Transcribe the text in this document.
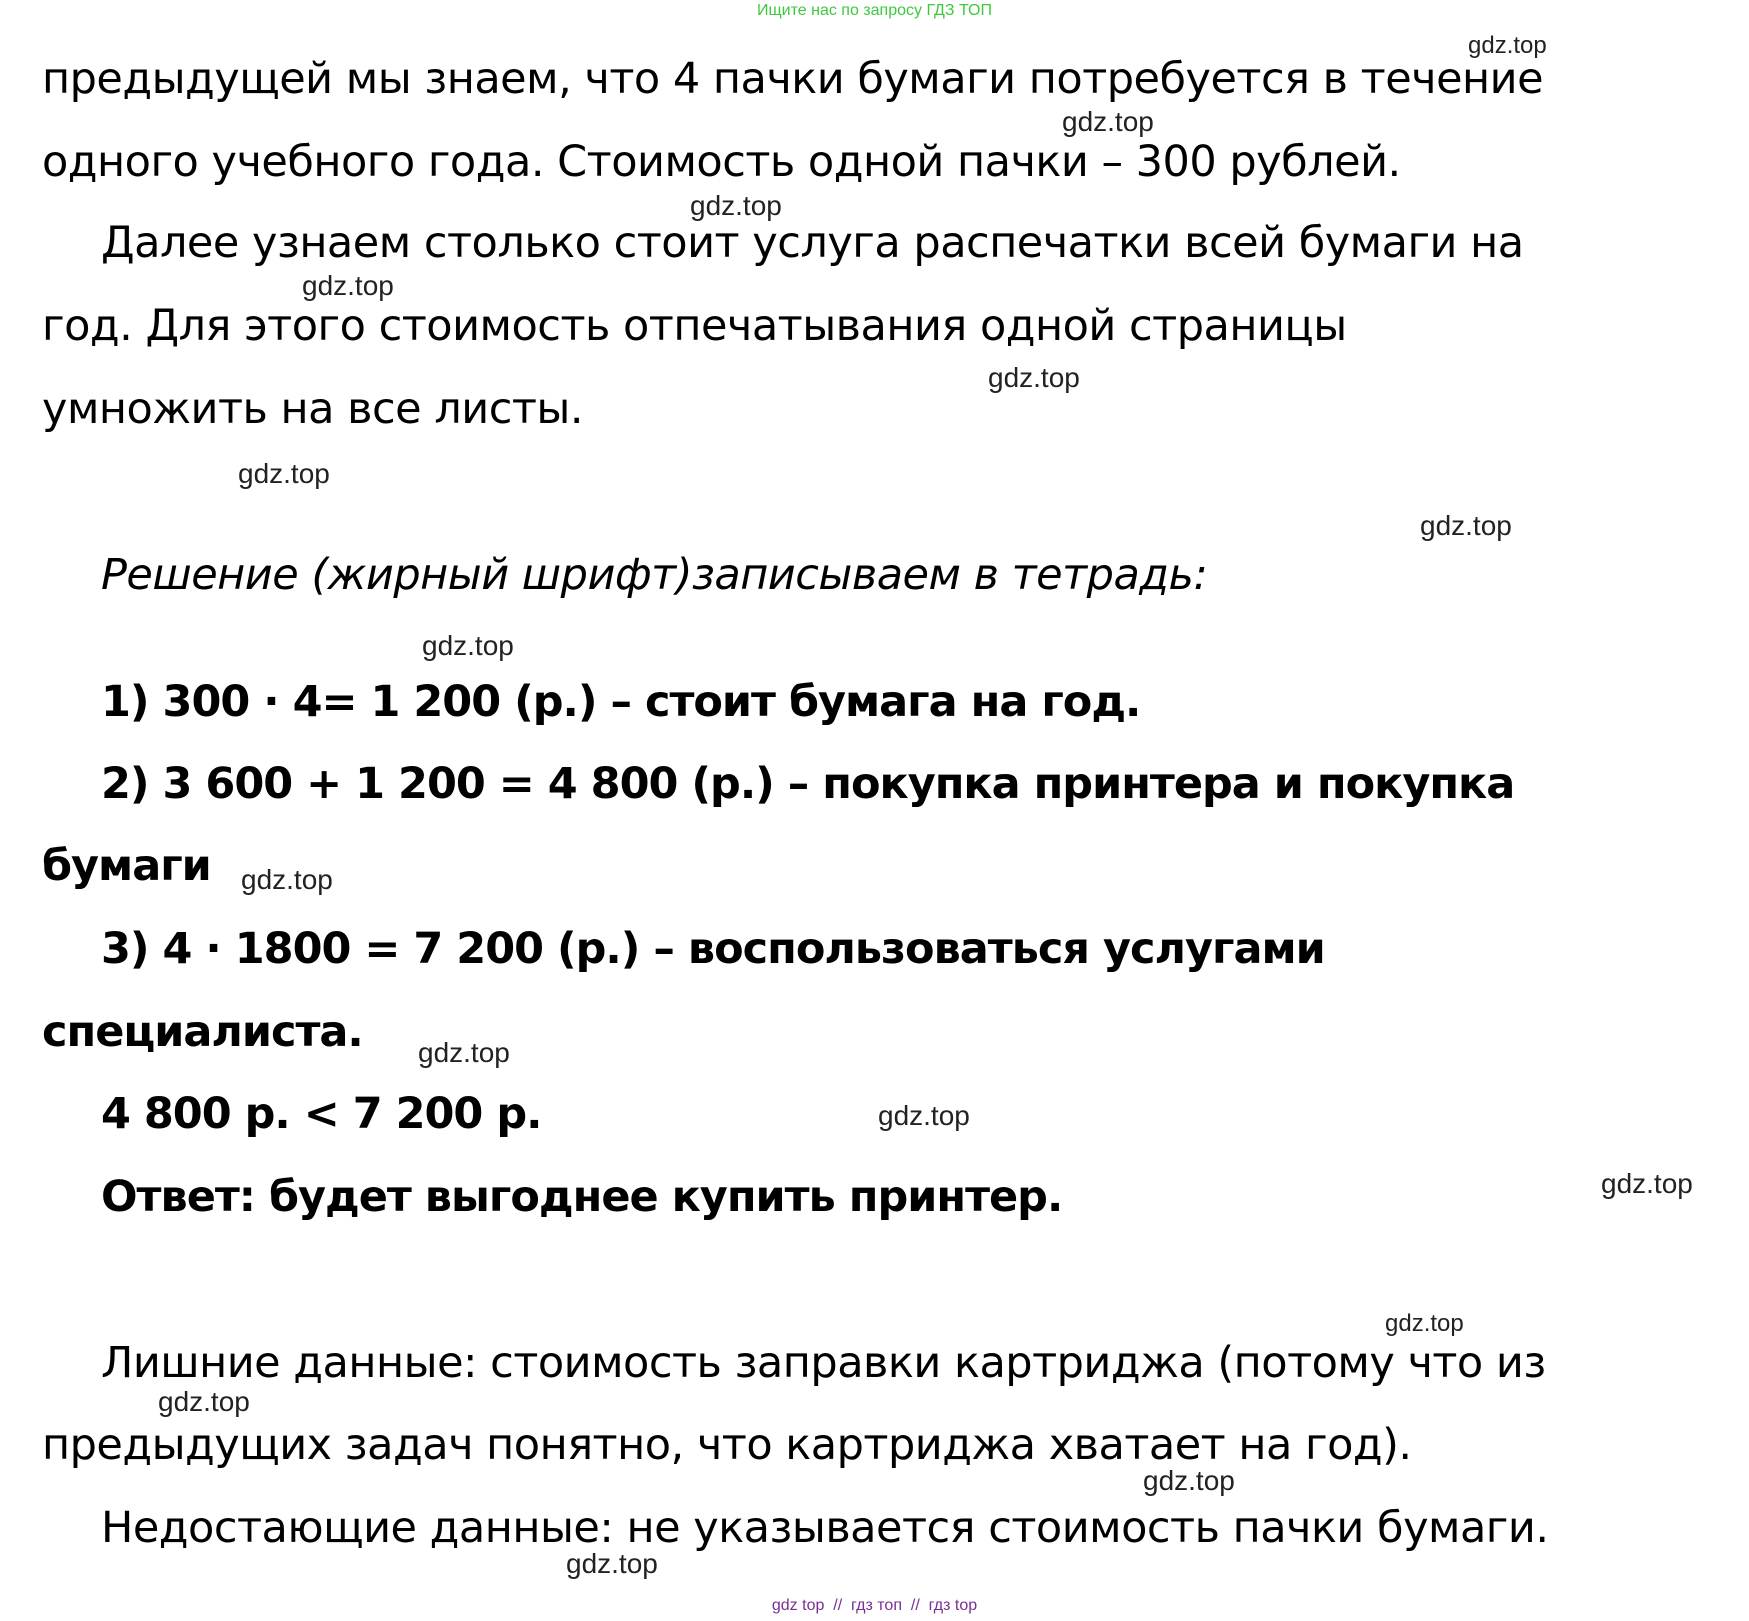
Ищите нас по запросу ГДЗ ТОП
предыдущей мы знаем, что 4 пачки бумаги потребуется в течение
одного учебного года. Стоимость одной пачки – 300 рублей.
Далее узнаем столько стоит услуга распечатки всей бумаги на
год. Для этого стоимость отпечатывания одной страницы
умножить на все листы.
Решение (жирный шрифт)записываем в тетрадь:
1) 300 · 4= 1 200 (р.) – стоит бумага на год.
2) 3 600 + 1 200 = 4 800 (р.) – покупка принтера и покупка
бумаги
3) 4 · 1800 = 7 200 (р.) – воспользоваться услугами
специалиста.
4 800 р. < 7 200 р.
Ответ: будет выгоднее купить принтер.
Лишние данные: стоимость заправки картриджа (потому что из
предыдущих задач понятно, что картриджа хватает на год).
Недостающие данные: не указывается стоимость пачки бумаги.
gdz.top
gdz.top
gdz.top
gdz.top
gdz.top
gdz.top
gdz.top
gdz.top
gdz.top
gdz.top
gdz.top
gdz.top
gdz.top
gdz.top
gdz.top
gdz.top
gdz.top
gdz top  //  гдз топ  //  гдз top
